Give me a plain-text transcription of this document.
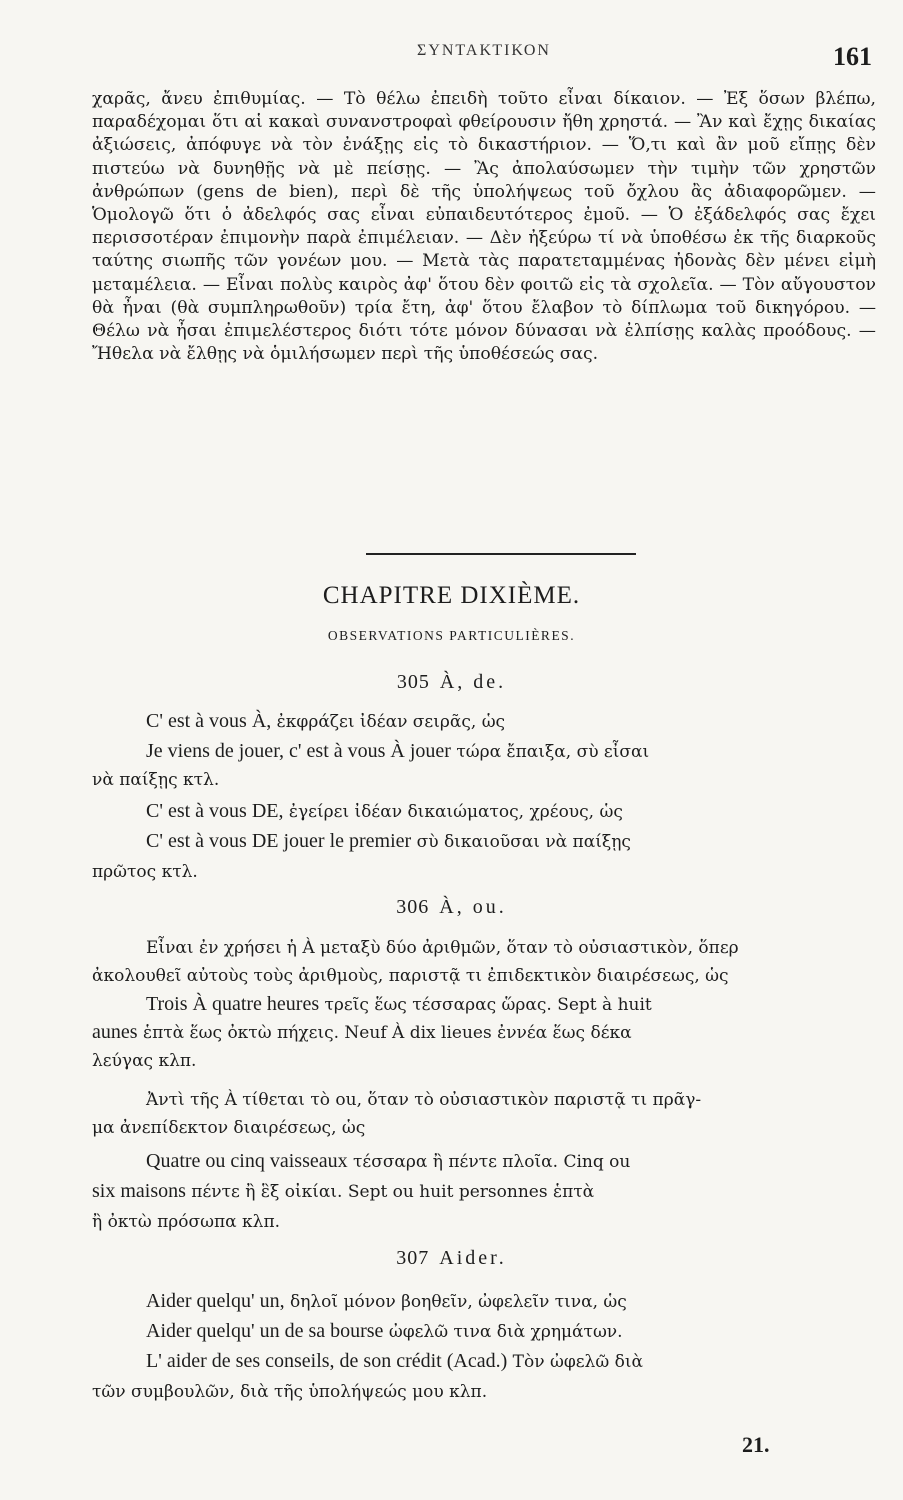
ΣΥΝΤΑΚΤΙΚΟΝ	161

χαρᾶς, ἄνευ ἐπιθυμίας. — Τὸ θέλω ἐπειδὴ τοῦτο εἶναι δίκαιον. — Ἐξ ὅσων βλέπω, παραδέχομαι ὅτι αἱ κακαὶ συνανστροφαὶ φθείρουσιν ἤθη χρηστά. — Ἂν καὶ ἔχῃς δικαίας ἀξιώσεις, ἀπόφυγε νὰ τὸν ἐνάξῃς εἰς τὸ δικαστήριον. — Ὅ,τι καὶ ἂν μοῦ εἴπῃς δὲν πιστεύω νὰ δυνηθῇς νὰ μὲ πείσῃς. — Ἂς ἀπολαύσωμεν τὴν τιμὴν τῶν χρηστῶν ἀνθρώπων (gens de bien), περὶ δὲ τῆς ὑπολήψεως τοῦ ὄχλου ἂς ἀδιαφορῶμεν. — Ὁμολογῶ ὅτι ὁ ἀδελφός σας εἶναι εὐπαιδευτότερος ἐμοῦ. — Ὁ ἐξάδελφός σας ἔχει περισσοτέραν ἐπιμονὴν παρὰ ἐπιμέλειαν. — Δὲν ἠξεύρω τί νὰ ὑποθέσω ἐκ τῆς διαρκοῦς ταύτης σιωπῆς τῶν γονέων μου. — Μετὰ τὰς παρατεταμμένας ἡδονὰς δὲν μένει εἰμὴ μεταμέλεια. — Εἶναι πολὺς καιρὸς ἀφ' ὅτου δὲν φοιτῶ εἰς τὰ σχολεῖα. — Τὸν αὔγουστον θὰ ἦναι (θὰ συμπληρωθοῦν) τρία ἔτη, ἀφ' ὅτου ἔλαβον τὸ δίπλωμα τοῦ δικηγόρου. — Θέλω νὰ ἦσαι ἐπιμελέστερος διότι τότε μόνον δύνασαι νὰ ἐλπίσῃς καλὰς προόδους. — Ἤθελα νὰ ἔλθῃς νὰ ὁμιλήσωμεν περὶ τῆς ὑποθέσεώς σας.

CHAPITRE DIXIÈME.
OBSERVATIONS PARTICULIÈRES.
305 À, de.

C' est à vous À, ἐκφράζει ἰδέαν σειρᾶς, ὡς

Je viens de jouer, c' est à vous À jouer τώρα ἔπαιξα, σὺ εἶσαι

νὰ παίξῃς κτλ.

C' est à vous DE, ἐγείρει ἰδέαν δικαιώματος, χρέους, ὡς

C' est à vous DE jouer le premier σὺ δικαιοῦσαι νὰ παίξῃς

πρῶτος κτλ.

306 À, ou.

Εἶναι ἐν χρήσει ἡ À μεταξὺ δύο ἀριθμῶν, ὅταν τὸ οὐσιαστικὸν, ὅπερ

ἀκολουθεῖ αὐτοὺς τοὺς ἀριθμοὺς, παριστᾷ τι ἐπιδεκτικὸν διαιρέσεως, ὡς

Trois À quatre heures τρεῖς ἕως τέσσαρας ὥρας. Sept à huit

aunes ἑπτὰ ἕως ὀκτὼ πήχεις. Neuf À dix lieues ἐννέα ἕως δέκα

λεύγας κλπ.

Ἀντὶ τῆς À τίθεται τὸ ou, ὅταν τὸ οὐσιαστικὸν παριστᾷ τι πρᾶγ-

μα ἀνεπίδεκτον διαιρέσεως, ὡς

Quatre ou cinq vaisseaux τέσσαρα ἢ πέντε πλοῖα. Cinq ou

six maisons πέντε ἢ ἓξ οἰκίαι. Sept ou huit personnes ἑπτὰ

ἢ ὀκτὼ πρόσωπα κλπ.

307 Aider.

Aider quelqu' un, δηλοῖ μόνον βοηθεῖν, ὠφελεῖν τινα, ὡς

Aider quelqu' un de sa bourse ὠφελῶ τινα διὰ χρημάτων.

L' aider de ses conseils, de son crédit (Acad.) Τὸν ὠφελῶ διὰ

τῶν συμβουλῶν, διὰ τῆς ὑπολήψεώς μου κλπ.

21.
